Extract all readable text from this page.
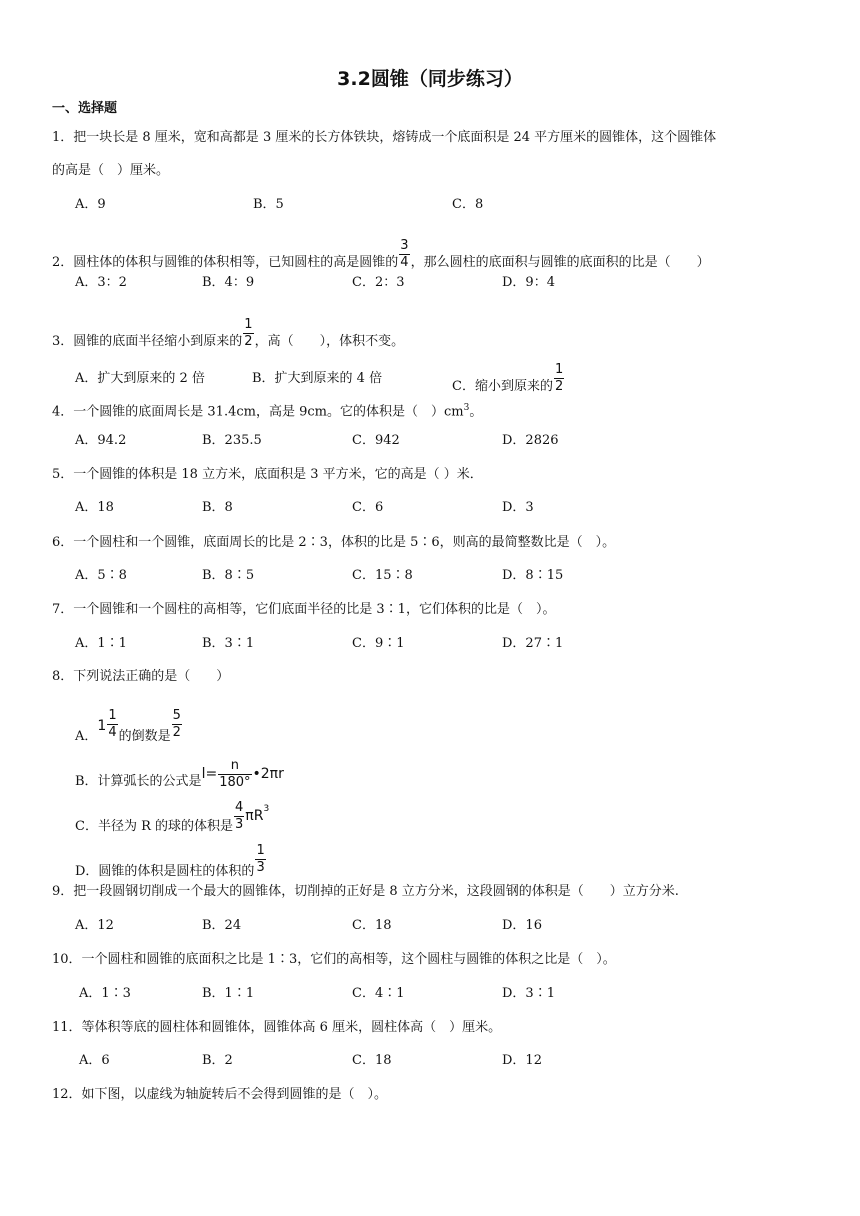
3.2圆锥（同步练习）
一、选择题
1．把一块长是 8 厘米，宽和高都是 3 厘米的长方体铁块，熔铸成一个底面积是 24 平方厘米的圆锥体，这个圆锥体
的高是（　）厘米。
A．9	B．5	C．8
2．圆柱体的体积与圆锥的体积相等，已知圆柱的高是圆锥的 $\frac{3}{4}$ ，那么圆柱的底面积与圆锥的底面积的比是（　　）
A．3：2	B．4：9	C．2：3	D．9：4
3．圆锥的底面半径缩小到原来的 $\frac{1}{2}$ ，高（　　），体积不变。
A．扩大到原来的 2 倍	B．扩大到原来的 4 倍
C．缩小到原来的 $\frac{1}{2}$
4．一个圆锥的底面周长是 31.4cm，高是 9cm。它的体积是（　）$cm^3$。
A．94.2	B．235.5	C．942	D．2826
5．一个圆锥的体积是 18 立方米，底面积是 3 平方米，它的高是（ ）米．
A．18	B．8	C．6	D．3
6．一个圆柱和一个圆锥，底面周长的比是 2∶3，体积的比是 5∶6，则高的最简整数比是（　）。
A．5∶8	B．8∶5	C．15∶8	D．8∶15
7．一个圆锥和一个圆柱的高相等，它们底面半径的比是 3∶1，它们体积的比是（　）。
A．1∶1	B．3∶1	C．9∶1	D．27∶1
8．下列说法正确的是（　　）
A．$1 \frac{1}{4}$ 的倒数是 $\frac{5}{2}$
B．计算弧长的公式是$l= \frac{n}{180^\circ}$ •2πr
C．半径为 R 的球的体积是 $\frac{4}{3} \pi R^3$
D．圆锥的体积是圆柱的体积的 $\frac{1}{3}$
9．把一段圆钢切削成一个最大的圆锥体，切削掉的正好是 8 立方分米，这段圆钢的体积是（　　）立方分米.
A．12	B．24	C．18	D．16
10．一个圆柱和圆锥的底面积之比是 1∶3，它们的高相等，这个圆柱与圆锥的体积之比是（　）。
A．1∶3	B．1∶1	C．4∶1	D．3∶1
11．等体积等底的圆柱体和圆锥体，圆锥体高 6 厘米，圆柱体高（　）厘米。
A．6	B．2	C．18	D．12
12．如下图，以虚线为轴旋转后不会得到圆锥的是（　）。
